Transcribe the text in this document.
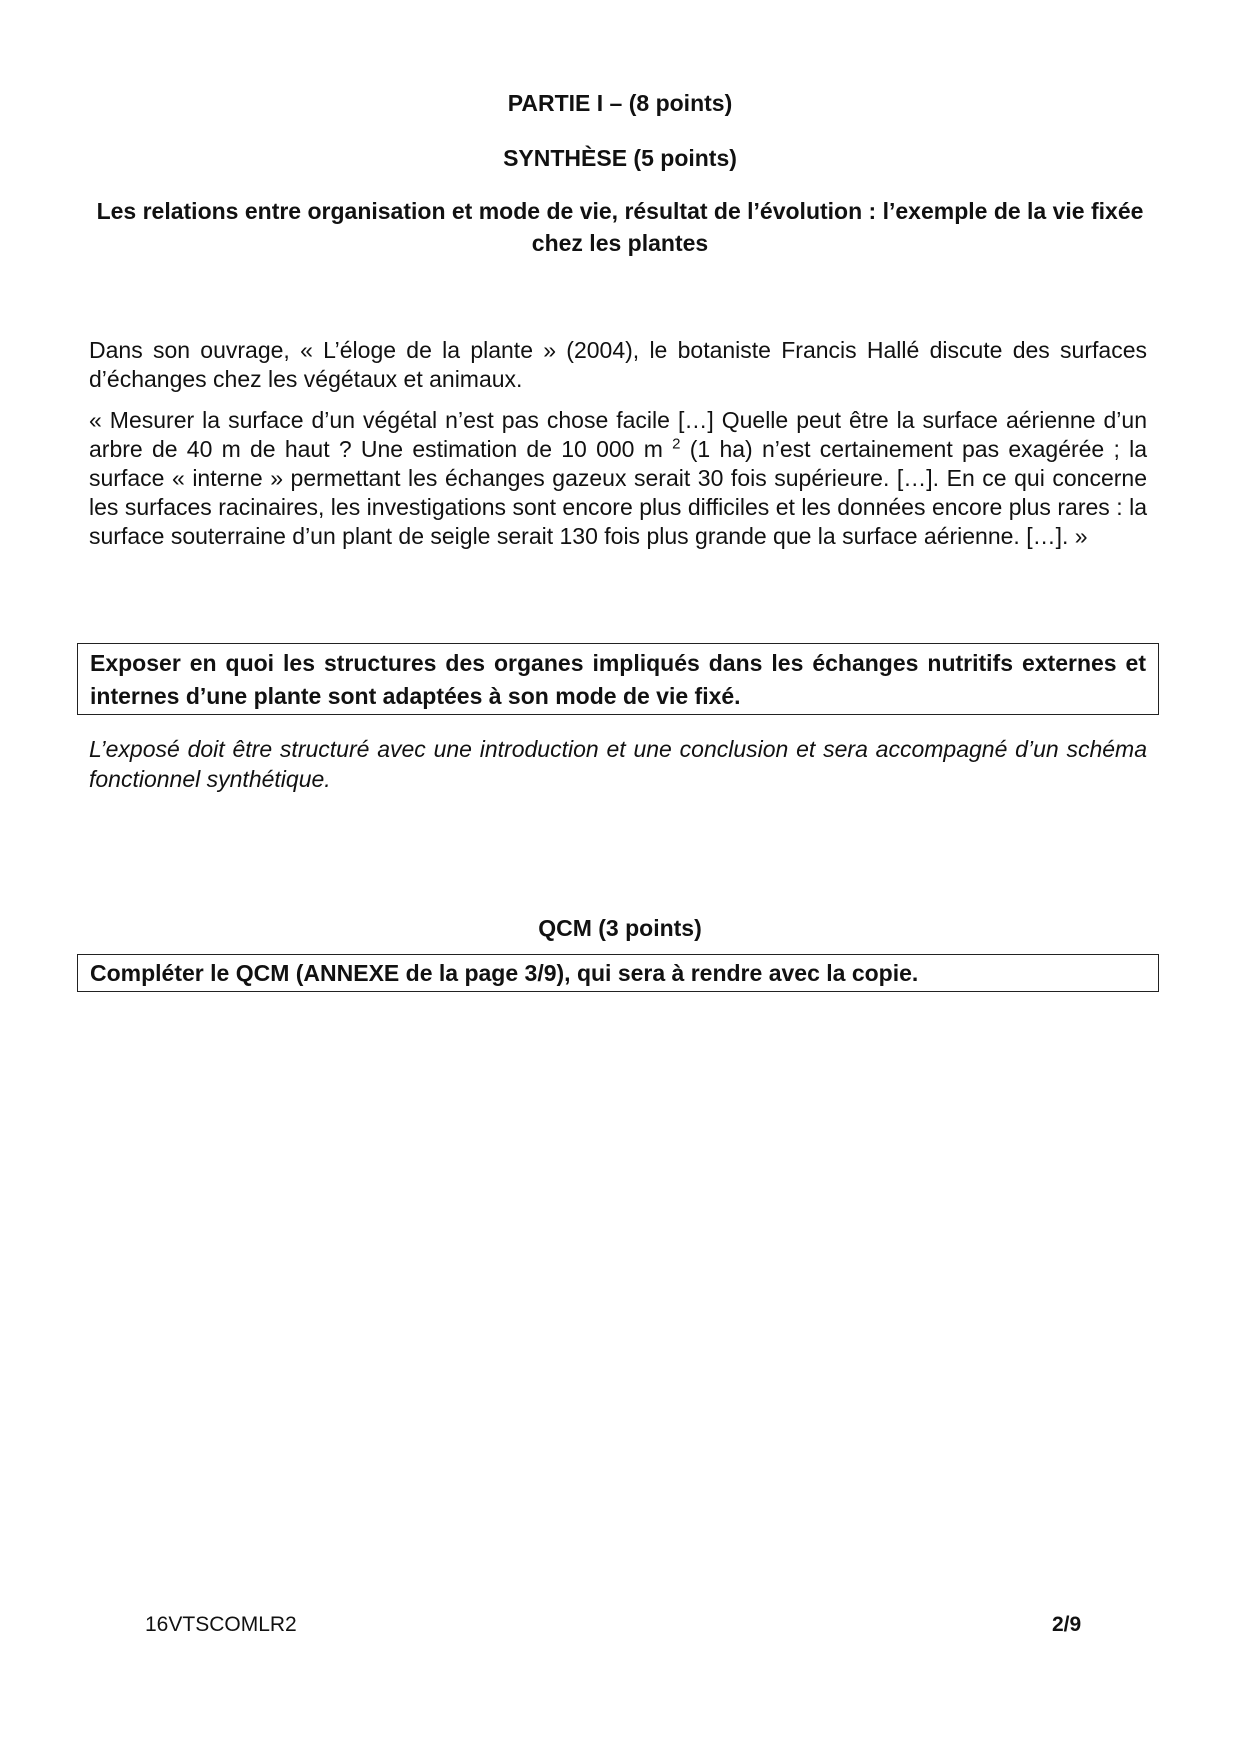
PARTIE I – (8 points)
SYNTHÈSE (5 points)
Les relations entre organisation et mode de vie, résultat de l’évolution : l’exemple de la vie fixée chez les plantes
Dans son ouvrage, « L’éloge de la plante » (2004), le botaniste Francis Hallé discute des surfaces d’échanges chez les végétaux et animaux.
« Mesurer la surface d’un végétal n’est pas chose facile […] Quelle peut être la surface aérienne d’un arbre de 40 m de haut ? Une estimation de 10 000 m $^2$ (1 ha) n’est certainement pas exagérée ; la surface « interne » permettant les échanges gazeux serait 30 fois supérieure. […]. En ce qui concerne les surfaces racinaires, les investigations sont encore plus difficiles et les données encore plus rares : la surface souterraine d’un plant de seigle serait 130 fois plus grande que la surface aérienne. […]. »
Exposer en quoi les structures des organes impliqués dans les échanges nutritifs externes et internes d’une plante sont adaptées à son mode de vie fixé.
L’exposé doit être structuré avec une introduction et une conclusion et sera accompagné d’un schéma fonctionnel synthétique.
QCM (3 points)
Compléter le QCM (ANNEXE de la page 3/9), qui sera à rendre avec la copie.
16VTSCOMLR2	2/9
